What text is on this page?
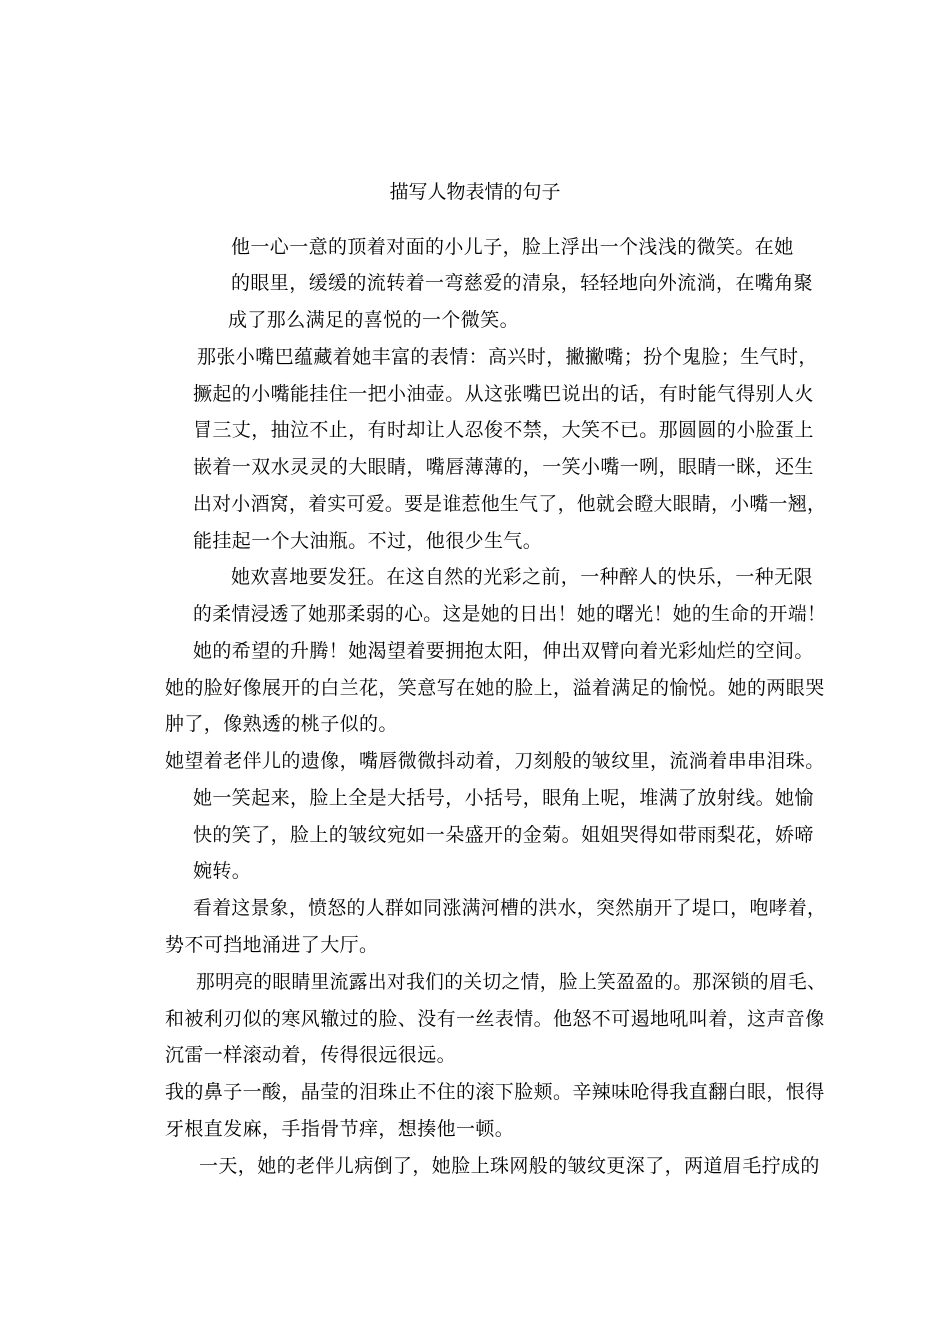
描写人物表情的句子
他一心一意的顶着对面的小儿子，脸上浮出一个浅浅的微笑。在她
的眼里，缓缓的流转着一弯慈爱的清泉，轻轻地向外流淌，在嘴角聚
成了那么满足的喜悦的一个微笑。
那张小嘴巴蕴藏着她丰富的表情：高兴时，撇撇嘴；扮个鬼脸；生气时，
撅起的小嘴能挂住一把小油壶。从这张嘴巴说出的话，有时能气得别人火
冒三丈，抽泣不止，有时却让人忍俊不禁，大笑不已。那圆圆的小脸蛋上
嵌着一双水灵灵的大眼睛，嘴唇薄薄的，一笑小嘴一咧，眼睛一眯，还生
出对小酒窝，着实可爱。要是谁惹他生气了，他就会瞪大眼睛，小嘴一翘，
能挂起一个大油瓶。不过，他很少生气。
她欢喜地要发狂。在这自然的光彩之前，一种醉人的快乐，一种无限
的柔情浸透了她那柔弱的心。这是她的日出！她的曙光！她的生命的开端！
她的希望的升腾！她渴望着要拥抱太阳，伸出双臂向着光彩灿烂的空间。
她的脸好像展开的白兰花，笑意写在她的脸上，溢着满足的愉悦。她的两眼哭
肿了，像熟透的桃子似的。
她望着老伴儿的遗像，嘴唇微微抖动着，刀刻般的皱纹里，流淌着串串泪珠。
她一笑起来，脸上全是大括号，小括号，眼角上呢，堆满了放射线。她愉
快的笑了，脸上的皱纹宛如一朵盛开的金菊。姐姐哭得如带雨梨花，娇啼
婉转。
看着这景象，愤怒的人群如同涨满河槽的洪水，突然崩开了堤口，咆哮着，
势不可挡地涌进了大厅。
那明亮的眼睛里流露出对我们的关切之情，脸上笑盈盈的。那深锁的眉毛、
和被利刃似的寒风辙过的脸、没有一丝表情。他怒不可遏地吼叫着，这声音像
沉雷一样滚动着，传得很远很远。
我的鼻子一酸，晶莹的泪珠止不住的滚下脸颊。辛辣味呛得我直翻白眼，恨得
牙根直发麻，手指骨节痒，想揍他一顿。
一天，她的老伴儿病倒了，她脸上珠网般的皱纹更深了，两道眉毛拧成的
